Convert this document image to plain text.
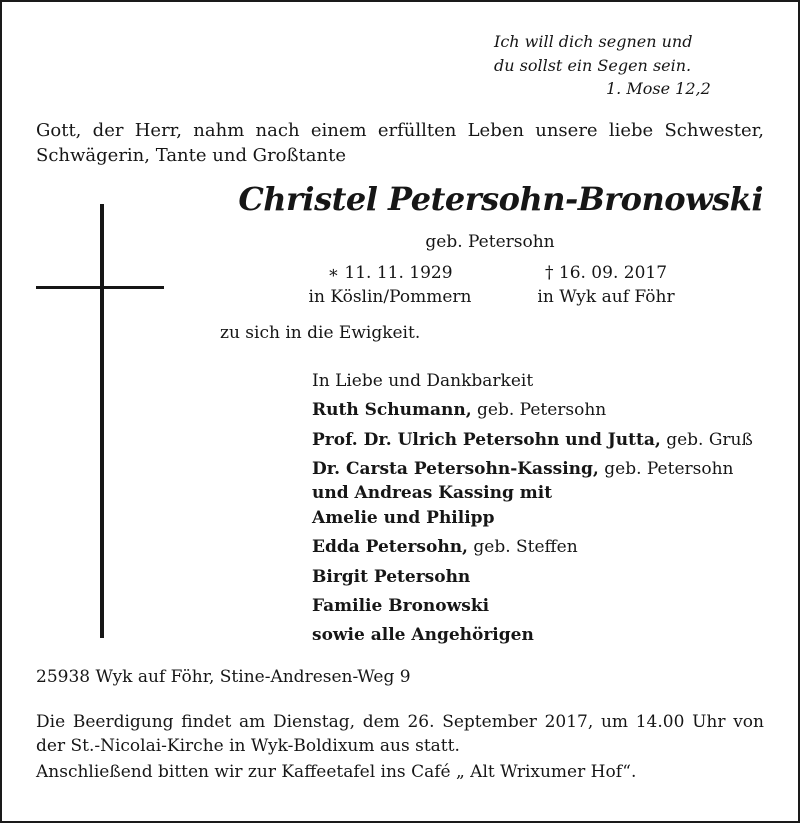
Ich will dich segnen und
du sollst ein Segen sein.
1. Mose 12,2
Gott, der Herr, nahm nach einem erfüllten Leben unsere liebe Schwester,
Schwägerin, Tante und Großtante
Christel Petersohn-Bronowski
geb. Petersohn
∗ 11. 11. 1929
in Köslin/Pommern
† 16. 09. 2017
in Wyk auf Föhr
zu sich in die Ewigkeit.
In Liebe und Dankbarkeit
Ruth Schumann, geb. Petersohn
Prof. Dr. Ulrich Petersohn und Jutta, geb. Gruß
Dr. Carsta Petersohn-Kassing, geb. Petersohn
und Andreas Kassing mit
Amelie und Philipp
Edda Petersohn, geb. Steffen
Birgit Petersohn
Familie Bronowski
sowie alle Angehörigen
25938 Wyk auf Föhr, Stine-Andresen-Weg 9
Die Beerdigung findet am Dienstag, dem 26. September 2017, um 14.00 Uhr von
der St.-Nicolai-Kirche in Wyk-Boldixum aus statt.
Anschließend bitten wir zur Kaffeetafel ins Café „ Alt Wrixumer Hof“.
